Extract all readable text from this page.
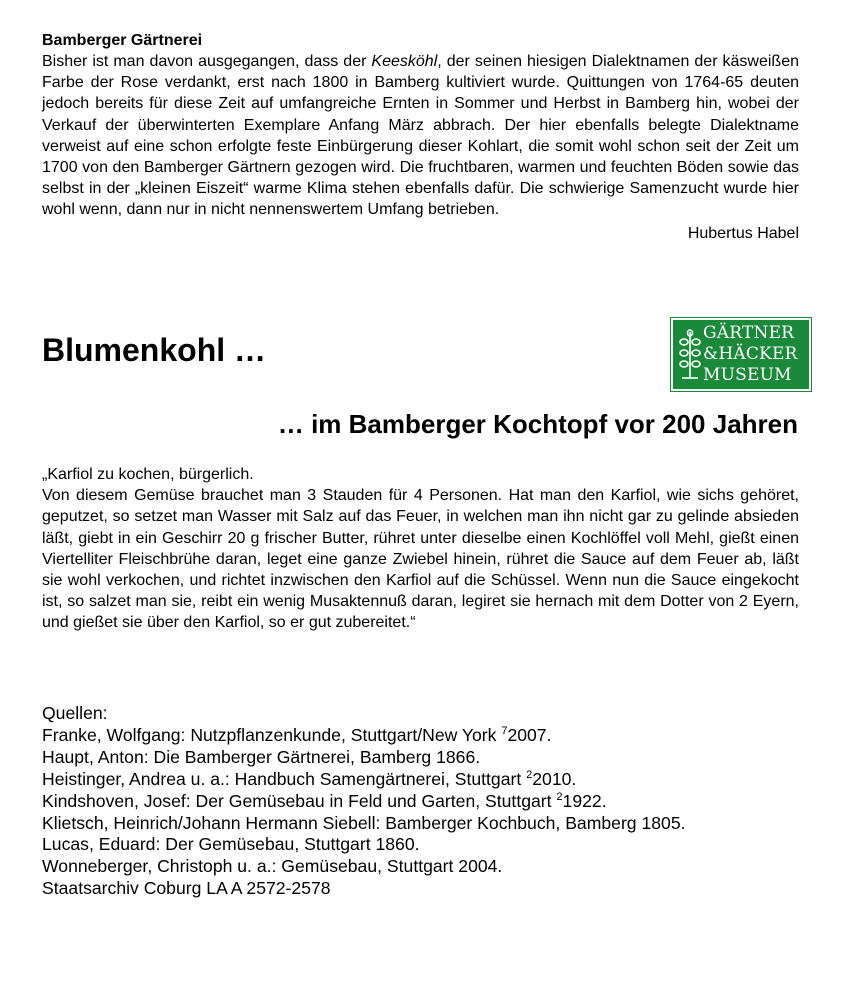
Bamberger Gärtnerei

Bisher ist man davon ausgegangen, dass der Keesköhl, der seinen hiesigen Dialektnamen der käsweißen Farbe der Rose verdankt, erst nach 1800 in Bamberg kultiviert wurde. Quittungen von 1764-65 deuten jedoch bereits für diese Zeit auf umfangreiche Ernten in Sommer und Herbst in Bamberg hin, wobei der Verkauf der überwinterten Exemplare Anfang März abbrach. Der hier ebenfalls belegte Dialektname verweist auf eine schon erfolgte feste Einbürgerung dieser Kohlart, die somit wohl schon seit der Zeit um 1700 von den Bamberger Gärtnern gezogen wird. Die fruchtbaren, warmen und feuchten Böden sowie das selbst in der „kleinen Eiszeit“ warme Klima stehen ebenfalls dafür. Die schwierige Samenzucht wurde hier wohl wenn, dann nur in nicht nennenswertem Umfang betrieben.

Hubertus Habel
Blumenkohl …	GÄRTNER
&HÄCKER
MUSEUM
… im Bamberger Kochtopf vor 200 Jahren

„Karfiol zu kochen, bürgerlich.

Von diesem Gemüse brauchet man 3 Stauden für 4 Personen. Hat man den Karfiol, wie sichs gehöret, geputzet, so setzet man Wasser mit Salz auf das Feuer, in welchen man ihn nicht gar zu gelinde absieden läßt, giebt in ein Geschirr 20 g frischer Butter, rühret unter dieselbe einen Kochlöffel voll Mehl, gießt einen Viertelliter Fleischbrühe daran, leget eine ganze Zwiebel hinein, rühret die Sauce auf dem Feuer ab, läßt sie wohl verkochen, und richtet inzwischen den Karfiol auf die Schüssel. Wenn nun die Sauce eingekocht ist, so salzet man sie, reibt ein wenig Musaktennuß daran, legiret sie hernach mit dem Dotter von 2 Eyern, und gießet sie über den Karfiol, so er gut zubereitet.“

Quellen:
Franke, Wolfgang: Nutzpflanzenkunde, Stuttgart/New York $^7$2007.
Haupt, Anton: Die Bamberger Gärtnerei, Bamberg 1866.
Heistinger, Andrea u. a.: Handbuch Samengärtnerei, Stuttgart $^2$2010.
Kindshoven, Josef: Der Gemüsebau in Feld und Garten, Stuttgart $^2$1922.
Klietsch, Heinrich/Johann Hermann Siebell: Bamberger Kochbuch, Bamberg 1805.
Lucas, Eduard: Der Gemüsebau, Stuttgart 1860.
Wonneberger, Christoph u. a.: Gemüsebau, Stuttgart 2004.
Staatsarchiv Coburg LA A 2572-2578
